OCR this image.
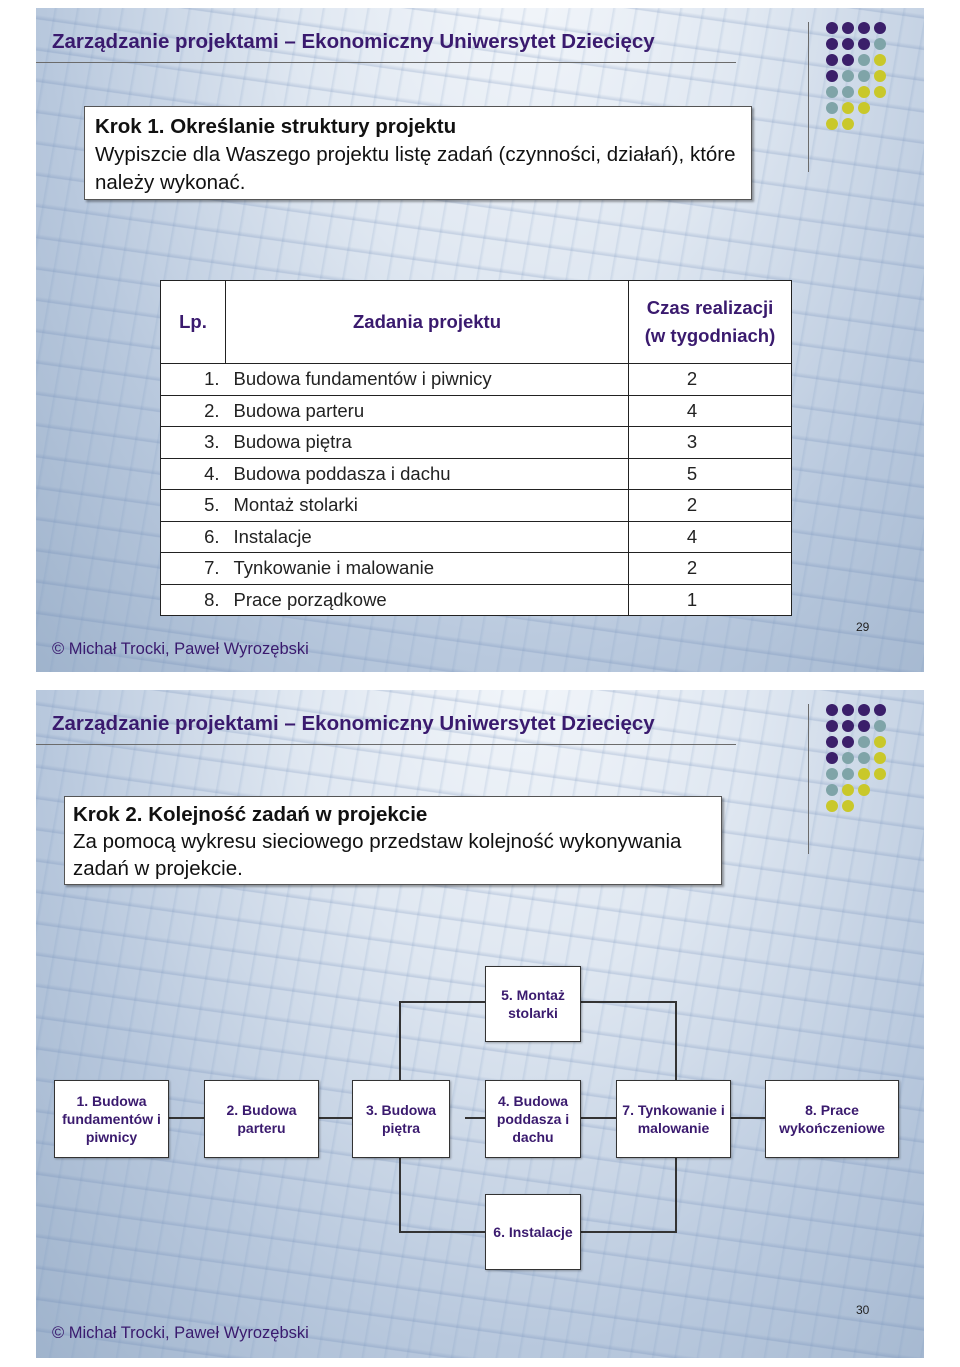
Zarządzanie projektami – Ekonomiczny Uniwersytet Dziecięcy
Krok 1. Określanie struktury projektu
Wypiszcie dla Waszego projektu listę zadań (czynności, działań), które należy wykonać.
Lp.	Zadania projektu	Czas realizacji
(w tygodniach)
1.	Budowa fundamentów i piwnicy	2
2.	Budowa parteru	4
3.	Budowa piętra	3
4.	Budowa poddasza i dachu	5
5.	Montaż stolarki	2
6.	Instalacje	4
7.	Tynkowanie i malowanie	2
8.	Prace porządkowe	1
© Michał Trocki, Paweł Wyrozębski
29
Zarządzanie projektami – Ekonomiczny Uniwersytet Dziecięcy
Krok 2. Kolejność zadań w projekcie
Za pomocą wykresu sieciowego przedstaw kolejność wykonywania zadań w projekcie.
1. Budowa fundamentów i piwnicy
2. Budowa parteru
3. Budowa piętra
4. Budowa poddasza i dachu
5. Montaż stolarki
6. Instalacje
7. Tynkowanie i malowanie
8. Prace wykończeniowe
© Michał Trocki, Paweł Wyrozębski
30
